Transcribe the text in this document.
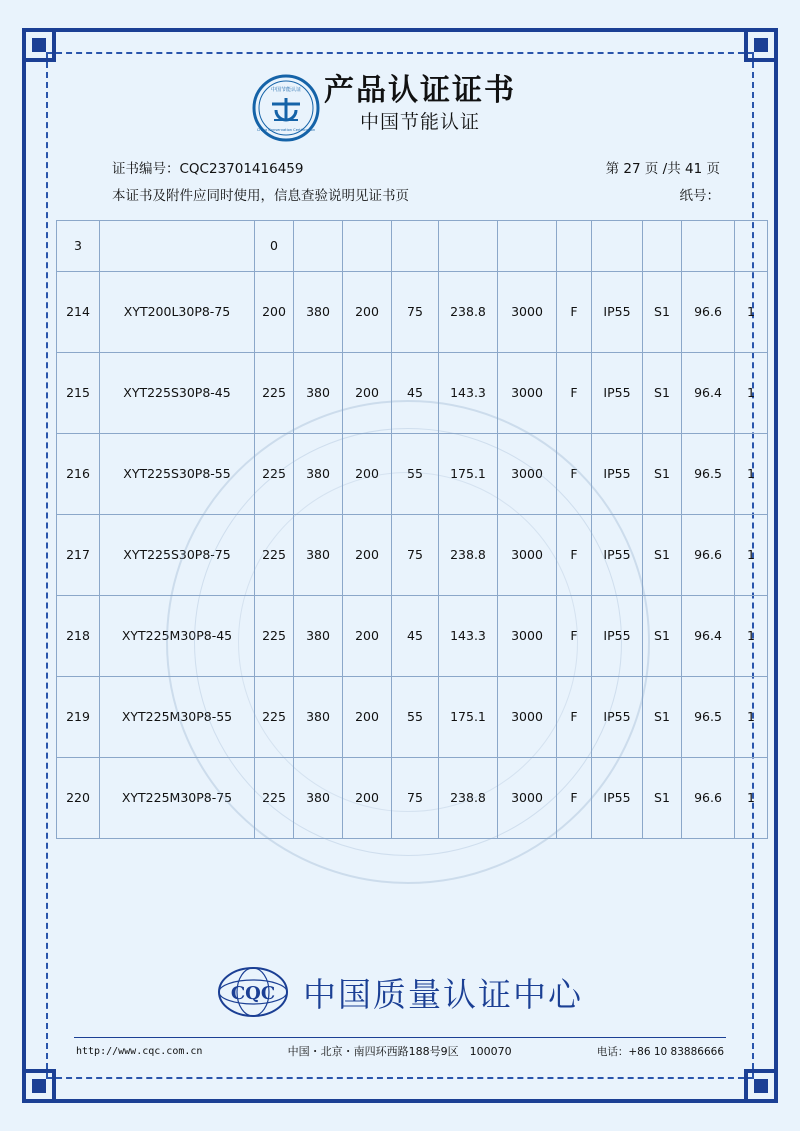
中国节能认证
China Conservation Certification
产品认证证书
中国节能认证
证书编号：CQC23701416459	第 27 页 /共 41 页
本证书及附件应同时使用，信息查验说明见证书页	纸号：
3		0										
214	XYT200L30P8-75	200	380	200	75	238.8	3000	F	IP55	S1	96.6	1
215	XYT225S30P8-45	225	380	200	45	143.3	3000	F	IP55	S1	96.4	1
216	XYT225S30P8-55	225	380	200	55	175.1	3000	F	IP55	S1	96.5	1
217	XYT225S30P8-75	225	380	200	75	238.8	3000	F	IP55	S1	96.6	1
218	XYT225M30P8-45	225	380	200	45	143.3	3000	F	IP55	S1	96.4	1
219	XYT225M30P8-55	225	380	200	55	175.1	3000	F	IP55	S1	96.5	1
220	XYT225M30P8-75	225	380	200	75	238.8	3000	F	IP55	S1	96.6	1
CQC 中国质量认证中心
http://www.cqc.com.cn	中国・北京・南四环西路188号9区　100070	电话：+86 10 83886666
